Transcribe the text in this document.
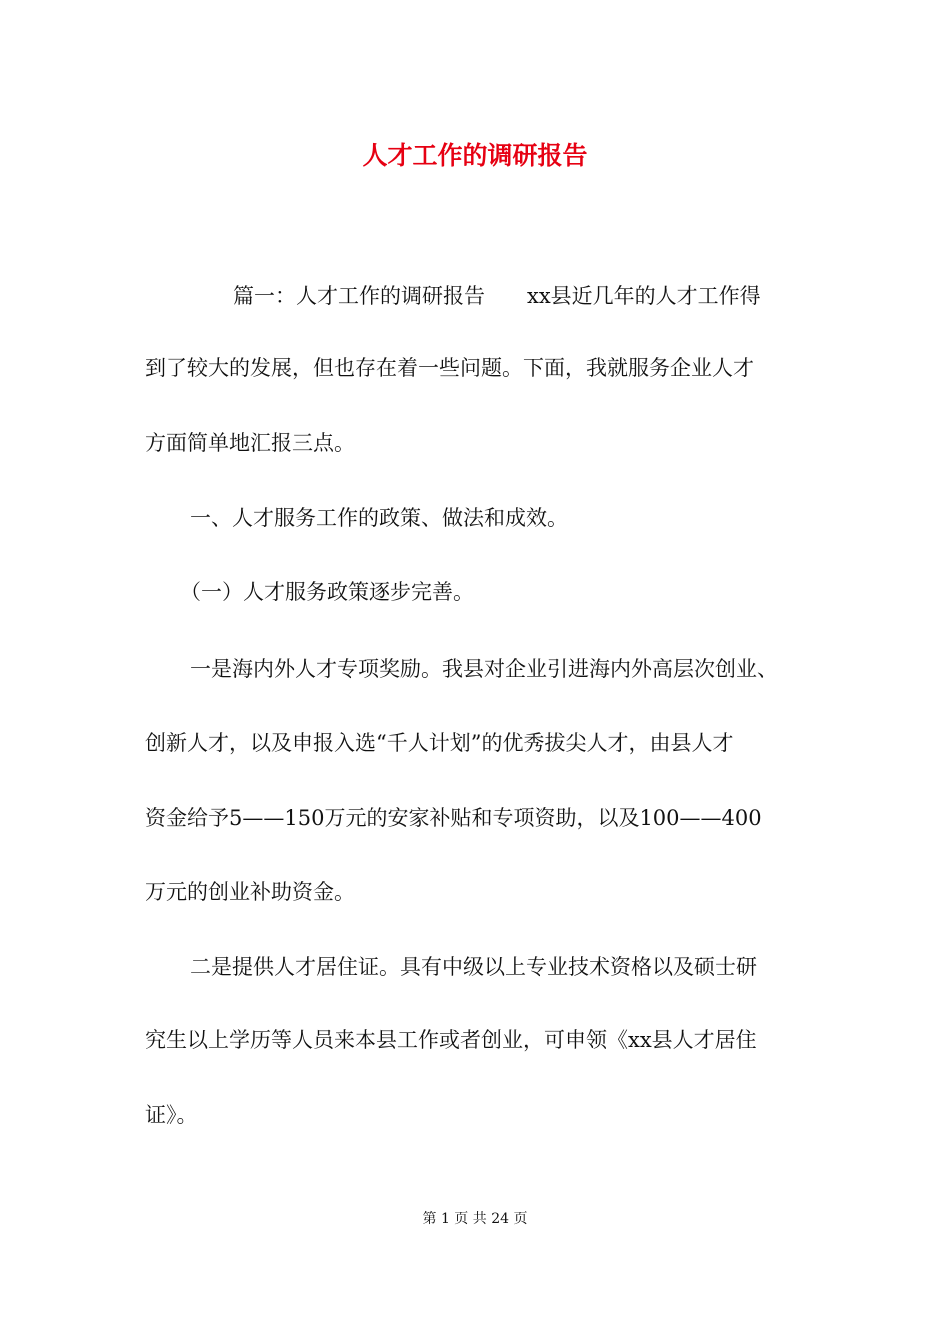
人才工作的调研报告
篇一：人才工作的调研报告　　xx县近几年的人才工作得
到了较大的发展，但也存在着一些问题。下面，我就服务企业人才
方面简单地汇报三点。
一、人才服务工作的政策、做法和成效。
（一）人才服务政策逐步完善。
一是海内外人才专项奖励。我县对企业引进海内外高层次创业、
创新人才，以及申报入选“千人计划”的优秀拔尖人才，由县人才
资金给予5——150万元的安家补贴和专项资助，以及100——400
万元的创业补助资金。
二是提供人才居住证。具有中级以上专业技术资格以及硕士研
究生以上学历等人员来本县工作或者创业，可申领《xx县人才居住
证》。
第 1 页 共 24 页
